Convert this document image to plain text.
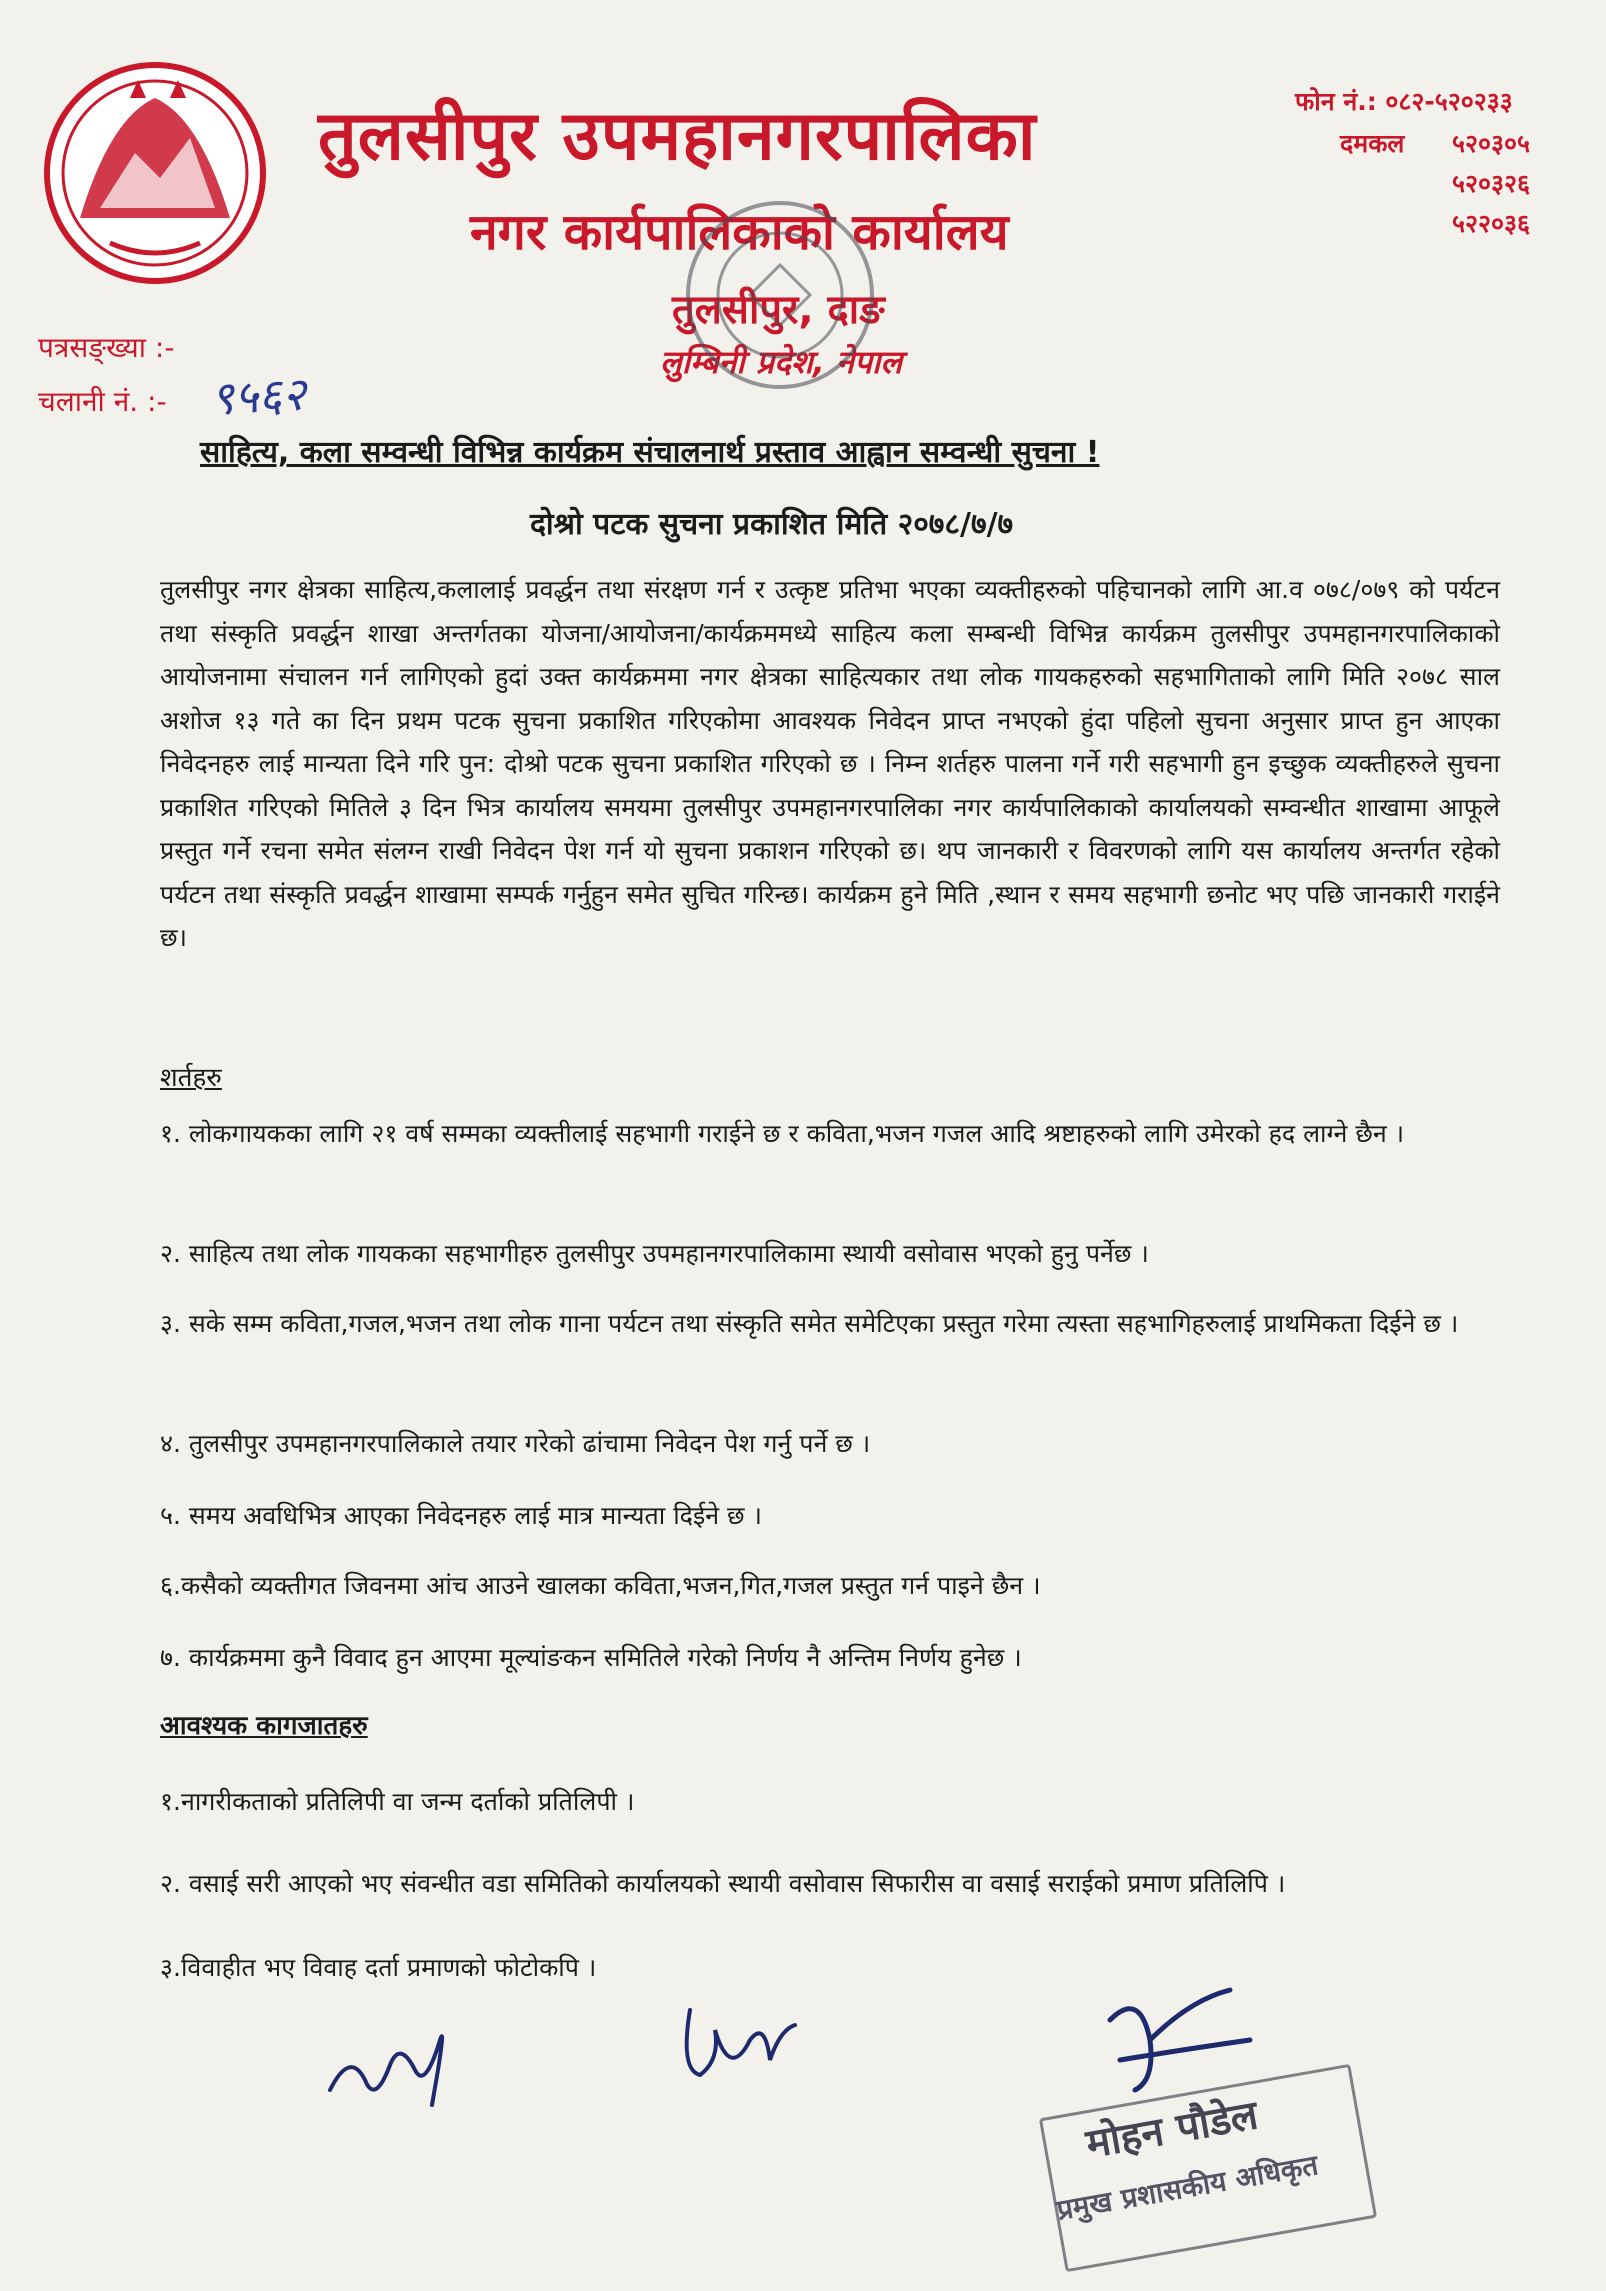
तुलसीपुर उपमहानगरपालिका
नगर कार्यपालिकाको कार्यालय
तुलसीपुर, दाङ
लुम्बिनी प्रदेश, नेपाल
फोन नं.: ०८२-५२०२३३
दमकल ५२०३०५
५२०३२६
५२२०३६
पत्रसङ्ख्या :-
चलानी नं. :- ९५६२
साहित्य, कला सम्वन्धी विभिन्न कार्यक्रम संचालनार्थ प्रस्ताव आह्वान सम्वन्धी सुचना !
दोश्रो पटक सुचना प्रकाशित मिति २०७८/७/७
तुलसीपुर नगर क्षेत्रका साहित्य,कलालाई प्रवर्द्धन तथा संरक्षण गर्न र उत्कृष्ट प्रतिभा भएका व्यक्तीहरुको पहिचानको लागि आ.व ०७८/०७९ को पर्यटन तथा संस्कृति प्रवर्द्धन शाखा अन्तर्गतका योजना/आयोजना/कार्यक्रममध्ये साहित्य कला सम्बन्धी विभिन्न कार्यक्रम तुलसीपुर उपमहानगरपालिकाको आयोजनामा संचालन गर्न लागिएको हुदां उक्त कार्यक्रममा नगर क्षेत्रका साहित्यकार तथा लोक गायकहरुको सहभागिताको लागि मिति २०७८ साल अशोज १३ गते का दिन प्रथम पटक सुचना प्रकाशित गरिएकोमा आवश्यक निवेदन प्राप्त नभएको हुंदा पहिलो सुचना अनुसार प्राप्त हुन आएका निवेदनहरु लाई मान्यता दिने गरि पुन: दोश्रो पटक सुचना प्रकाशित गरिएको छ । निम्न शर्तहरु पालना गर्ने गरी सहभागी हुन इच्छुक व्यक्तीहरुले सुचना प्रकाशित गरिएको मितिले ३ दिन भित्र कार्यालय समयमा तुलसीपुर उपमहानगरपालिका नगर कार्यपालिकाको कार्यालयको सम्वन्धीत शाखामा आफूले प्रस्तुत गर्ने रचना समेत संलग्न राखी निवेदन पेश गर्न यो सुचना प्रकाशन गरिएको छ। थप जानकारी र विवरणको लागि यस कार्यालय अन्तर्गत रहेको पर्यटन तथा संस्कृति प्रवर्द्धन शाखामा सम्पर्क गर्नुहुन समेत सुचित गरिन्छ। कार्यक्रम हुने मिति ,स्थान र समय सहभागी छनोट भए पछि जानकारी गराईने छ।
शर्तहरु
१. लोकगायकका लागि २१ वर्ष सम्मका व्यक्तीलाई सहभागी गराईने छ र कविता,भजन गजल आदि श्रष्टाहरुको लागि उमेरको हद लाग्ने छैन ।
२. साहित्य तथा लोक गायकका सहभागीहरु तुलसीपुर उपमहानगरपालिकामा स्थायी वसोवास भएको हुनु पर्नेछ ।
३. सके सम्म कविता,गजल,भजन तथा लोक गाना पर्यटन तथा संस्कृति समेत समेटिएका प्रस्तुत गरेमा त्यस्ता सहभागिहरुलाई प्राथमिकता दिईने छ ।
४. तुलसीपुर उपमहानगरपालिकाले तयार गरेको ढांचामा निवेदन पेश गर्नु पर्ने छ ।
५. समय अवधिभित्र आएका निवेदनहरु लाई मात्र मान्यता दिईने छ ।
६.कसैको व्यक्तीगत जिवनमा आंच आउने खालका कविता,भजन,गित,गजल प्रस्तुत गर्न पाइने छैन ।
७. कार्यक्रममा कुनै विवाद हुन आएमा मूल्यांङकन समितिले गरेको निर्णय नै अन्तिम निर्णय हुनेछ ।
आवश्यक कागजातहरु
१.नागरीकताको प्रतिलिपी वा जन्म दर्ताको प्रतिलिपी ।
२. वसाई सरी आएको भए संवन्धीत वडा समितिको कार्यालयको स्थायी वसोवास सिफारीस वा वसाई सराईको प्रमाण प्रतिलिपि ।
३.विवाहीत भए विवाह दर्ता प्रमाणको फोटोकपि ।
मोहन पौडेल
प्रमुख प्रशासकीय अधिकृत
